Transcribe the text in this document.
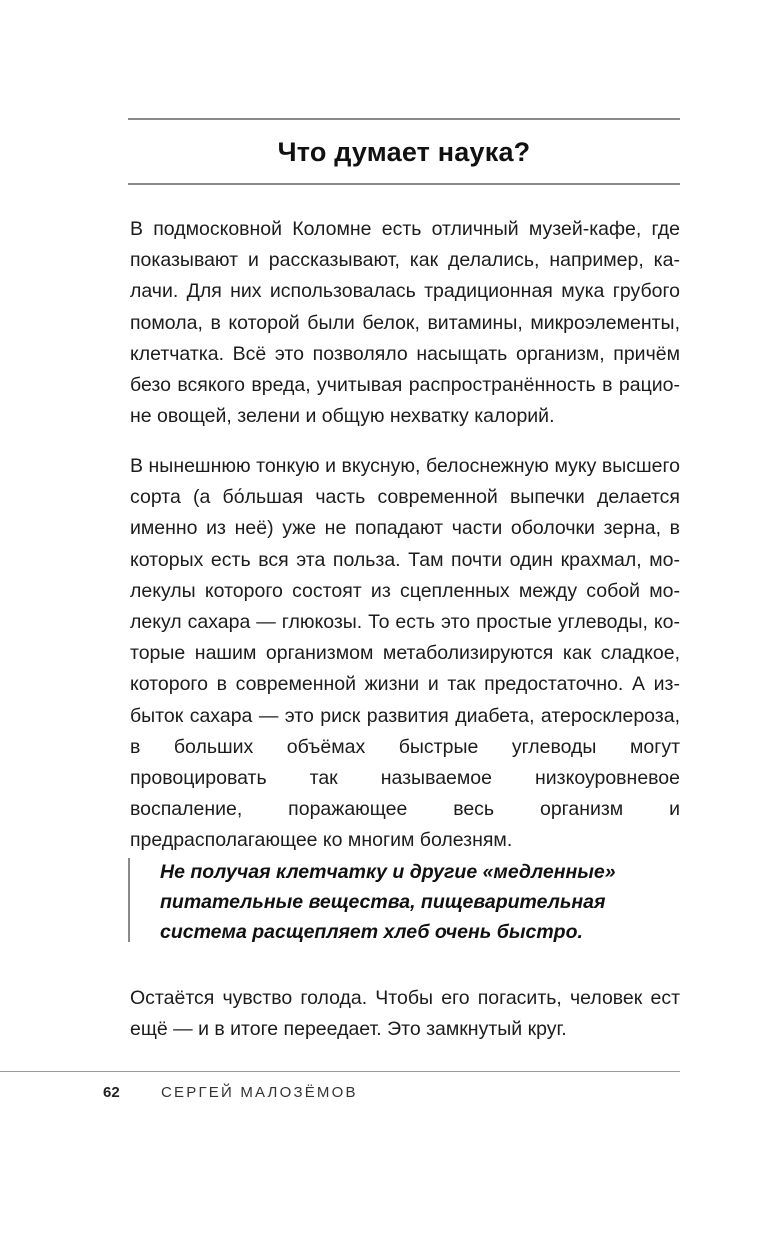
Что думает наука?

В подмосковной Коломне есть отличный музей-кафе, где показывают и рассказывают, как делались, например, калачи. Для них использовалась традиционная мука грубого помола, в которой были белок, витамины, микроэлементы, клетчатка. Всё это позволяло насыщать организм, причём безо всякого вреда, учитывая распространённость в рационе овощей, зелени и общую нехватку калорий.

В нынешнюю тонкую и вкусную, белоснежную муку высшего сорта (а бо́льшая часть современной выпечки делается именно из неё) уже не попадают части оболочки зерна, в которых есть вся эта польза. Там почти один крахмал, молекулы которого состоят из сцепленных между собой молекул сахара — глюкозы. То есть это простые углеводы, которые нашим организмом метаболизируются как сладкое, которого в современной жизни и так предостаточно. А избыток сахара — это риск развития диабета, атеросклероза, в больших объёмах быстрые углеводы могут провоцировать так называемое низкоуровневое воспаление, поражающее весь организм и предрасполагающее ко многим болезням.

Не получая клетчатку и другие «медленные» питательные вещества, пищеварительная система расщепляет хлеб очень быстро.

Остаётся чувство голода. Чтобы его погасить, человек ест ещё — и в итоге переедает. Это замкнутый круг.

62	СЕРГЕЙ МАЛОЗЁМОВ
